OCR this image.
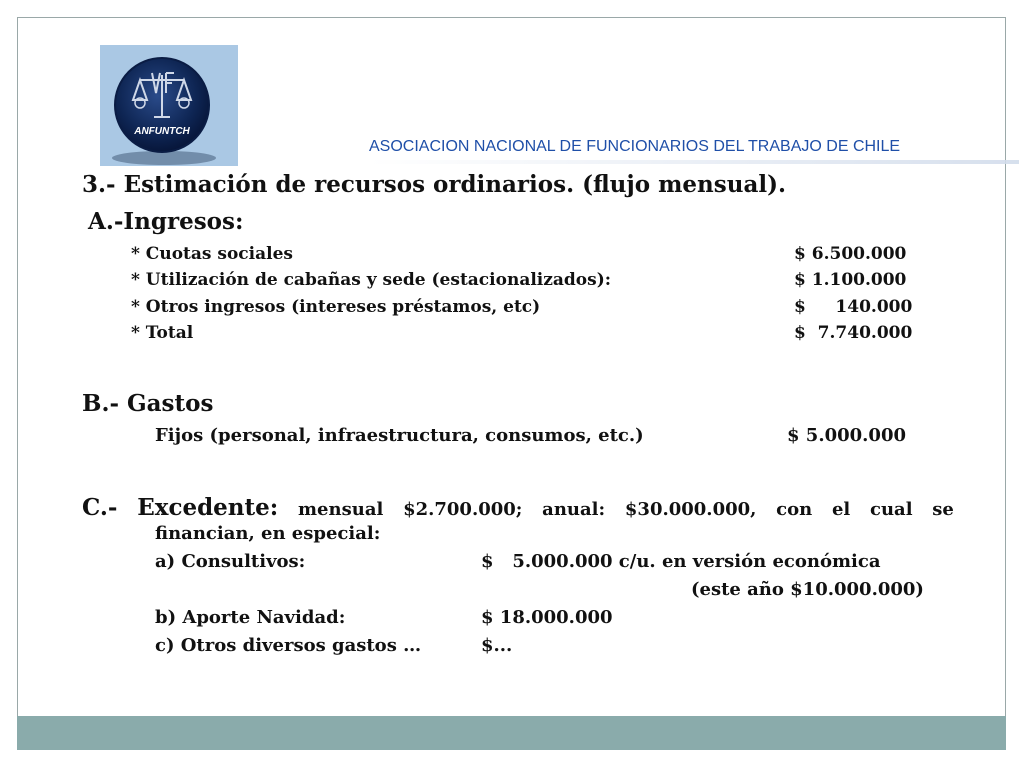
ANFUNTCH
ASOCIACION NACIONAL DE FUNCIONARIOS DEL TRABAJO DE CHILE
3.- Estimación de recursos ordinarios. (flujo mensual).
A.-Ingresos:
* Cuotas sociales	$ 6.500.000
* Utilización de cabañas y sede (estacionalizados):	$ 1.100.000
* Otros ingresos (intereses préstamos, etc)	$     140.000
* Total	$  7.740.000
B.- Gastos
Fijos (personal, infraestructura, consumos, etc.)	$ 5.000.000
C.- Excedente: mensual $2.700.000; anual: $30.000.000, con el cual se
financian, en especial:
a) Consultivos:	$   5.000.000 c/u. en versión económica
(este año $10.000.000)
b) Aporte Navidad:	$ 18.000.000
c) Otros diversos gastos …	$...
